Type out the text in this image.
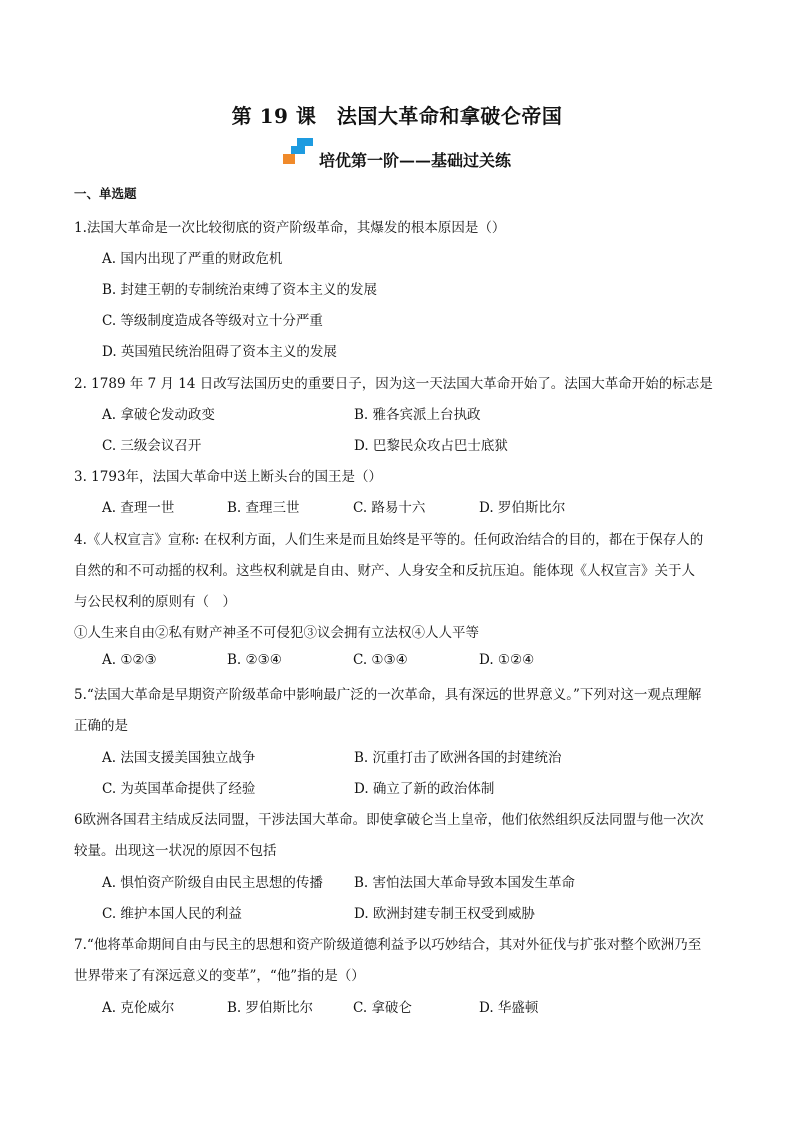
第 19 课　法国大革命和拿破仑帝国
培优第一阶——基础过关练
一、单选题
1.法国大革命是一次比较彻底的资产阶级革命，其爆发的根本原因是（）
A. 国内出现了严重的财政危机
B. 封建王朝的专制统治束缚了资本主义的发展
C. 等级制度造成各等级对立十分严重
D. 英国殖民统治阻碍了资本主义的发展
2. 1789 年 7 月 14 日改写法国历史的重要日子，因为这一天法国大革命开始了。法国大革命开始的标志是
A. 拿破仑发动政变	B. 雅各宾派上台执政
C. 三级会议召开	D. 巴黎民众攻占巴士底狱
3. 1793年，法国大革命中送上断头台的国王是（）
A. 查理一世	B. 查理三世	C. 路易十六	D. 罗伯斯比尔
4.《人权宣言》宣称: 在权利方面，人们生来是而且始终是平等的。任何政治结合的目的，都在于保存人的
自然的和不可动摇的权利。这些权利就是自由、财产、人身安全和反抗压迫。能体现《人权宣言》关于人
与公民权利的原则有（　）
①人生来自由②私有财产神圣不可侵犯③议会拥有立法权④人人平等
A. ①②③	B. ②③④	C. ①③④	D. ①②④
5.“法国大革命是早期资产阶级革命中影响最广泛的一次革命，具有深远的世界意义。”下列对这一观点理解
正确的是
A. 法国支援美国独立战争	B. 沉重打击了欧洲各国的封建统治
C. 为英国革命提供了经验	D. 确立了新的政治体制
6欧洲各国君主结成反法同盟，干涉法国大革命。即使拿破仑当上皇帝，他们依然组织反法同盟与他一次次
较量。出现这一状况的原因不包括
A. 惧怕资产阶级自由民主思想的传播 B. 害怕法国大革命导致本国发生革命
C. 维护本国人民的利益	D. 欧洲封建专制王权受到威胁
7.“他将革命期间自由与民主的思想和资产阶级道德利益予以巧妙结合，其对外征伐与扩张对整个欧洲乃至
世界带来了有深远意义的变革”，“他”指的是（）
A. 克伦威尔	B. 罗伯斯比尔	C. 拿破仑	D. 华盛顿
